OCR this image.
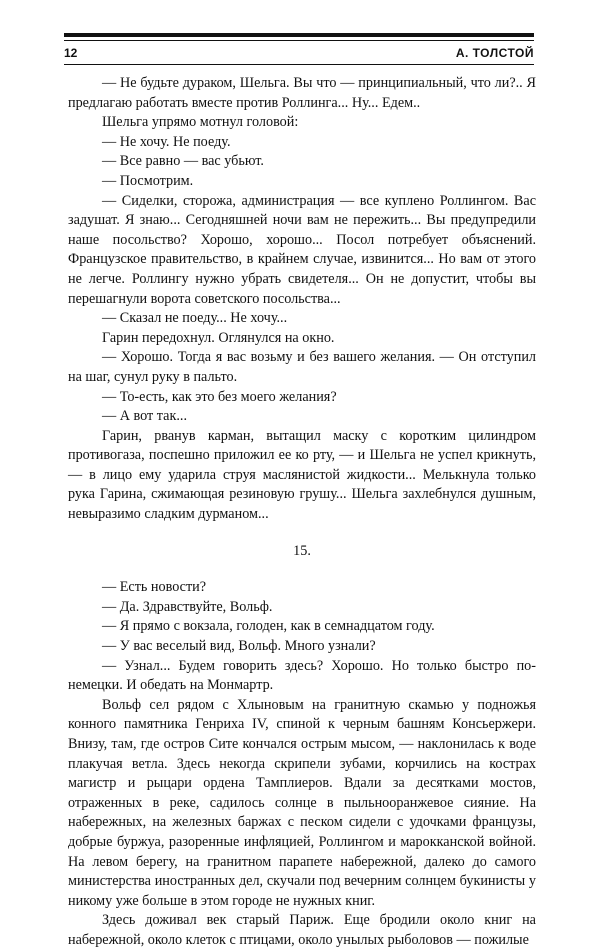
12	А. ТОЛСТОЙ

— Не будьте дураком, Шельга. Вы что — принципиальный, что ли?.. Я предлагаю работать вместе против Роллинга... Ну... Едем..

Шельга упрямо мотнул головой:

— Не хочу. Не поеду.

— Все равно — вас убьют.

— Посмотрим.

— Сиделки, сторожа, администрация — все куплено Роллингом. Вас задушат. Я знаю... Сегодняшней ночи вам не пережить... Вы предупредили наше посольство? Хорошо, хорошо... Посол потребует объяснений. Французское правительство, в крайнем случае, извинится... Но вам от этого не легче. Роллингу нужно убрать свидетеля... Он не допустит, чтобы вы перешагнули ворота советского посольства...

— Сказал не поеду... Не хочу...

Гарин передохнул. Оглянулся на окно.

— Хорошо. Тогда я вас возьму и без вашего желания. — Он отступил на шаг, сунул руку в пальто.

— То-есть, как это без моего желания?

— А вот так...

Гарин, рванув карман, вытащил маску с коротким цилиндром противогаза, поспешно приложил ее ко рту, — и Шельга не успел крикнуть, — в лицо ему ударила струя маслянистой жидкости... Мелькнула только рука Гарина, сжимающая резиновую грушу... Шельга захлебнулся душным, невыразимо сладким дурманом...

15.

— Есть новости?

— Да. Здравствуйте, Вольф.

— Я прямо с вокзала, голоден, как в семнадцатом году.

— У вас веселый вид, Вольф. Много узнали?

— Узнал... Будем говорить здесь? Хорошо. Но только быстро по-немецки. И обедать на Монмартр.

Вольф сел рядом с Хлыновым на гранитную скамью у подножья конного памятника Генриха IV, спиной к черным башням Консьержери. Внизу, там, где остров Сите кончался острым мысом, — наклонилась к воде плакучая ветла. Здесь некогда скрипели зубами, корчились на кострах магистр и рыцари ордена Тамплиеров. Вдали за десятками мостов, отраженных в реке, садилось солнце в пыльнооранжевое сияние. На набережных, на железных баржах с песком сидели с удочками французы, добрые буржуа, разоренные инфляцией, Роллингом и марокканской войной. На левом берегу, на гранитном парапете набережной, далеко до самого министерства иностранных дел, скучали под вечерним солнцем букинисты у никому уже больше в этом городе не нужных книг.

Здесь доживал век старый Париж. Еще бродили около книг на набережной, около клеток с птицами, около унылых рыболовов — пожилые
